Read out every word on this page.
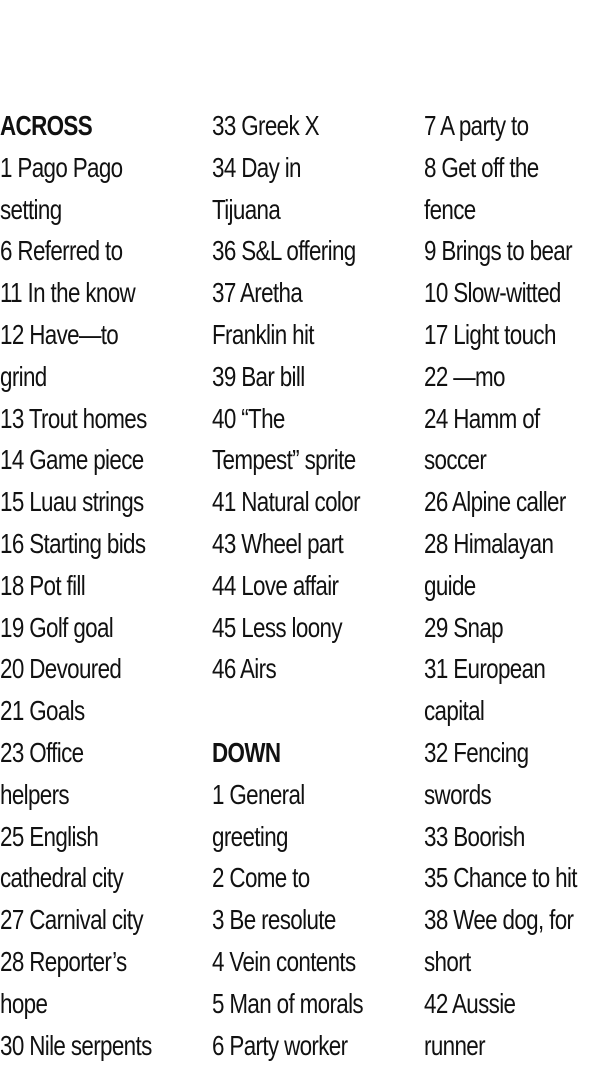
ACROSS
1 Pago Pago
setting
6 Referred to
11 In the know
12 Have—to
grind
13 Trout homes
14 Game piece
15 Luau strings
16 Starting bids
18 Pot fill
19 Golf goal
20 Devoured
21 Goals
23 Office
helpers
25 English
cathedral city
27 Carnival city
28 Reporter’s
hope
30 Nile serpents
33 Greek X
34 Day in
Tijuana
36 S&L offering
37 Aretha
Franklin hit
39 Bar bill
40 “The
Tempest” sprite
41 Natural color
43 Wheel part
44 Love affair
45 Less loony
46 Airs
DOWN
1 General
greeting
2 Come to
3 Be resolute
4 Vein contents
5 Man of morals
6 Party worker
7 A party to
8 Get off the
fence
9 Brings to bear
10 Slow-witted
17 Light touch
22 —mo
24 Hamm of
soccer
26 Alpine caller
28 Himalayan
guide
29 Snap
31 European
capital
32 Fencing
swords
33 Boorish
35 Chance to hit
38 Wee dog, for
short
42 Aussie
runner
